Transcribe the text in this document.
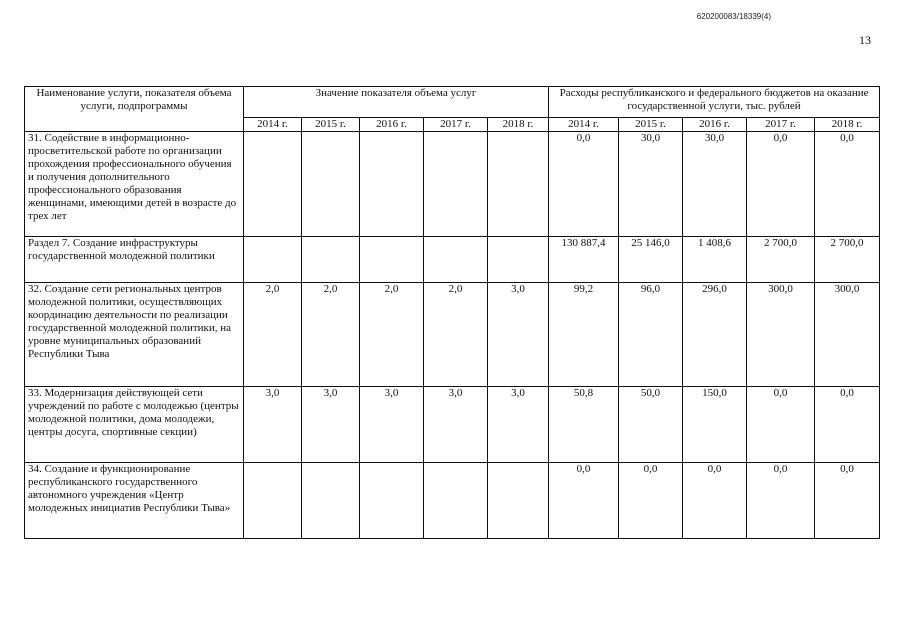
620200083/18339(4)
13
Наименование услуги, показателя объема услуги, подпрограммы	Значение показателя объема услуг					Расходы республиканского и федерального бюджетов на оказание государственной услуги, тыс. рублей				
	2014 г.	2015 г.	2016 г.	2017 г.	2018 г.	2014 г.	2015 г.	2016 г.	2017 г.	2018 г.
31. Содействие в информационно-просветительской работе по организации прохождения профессионального обучения и получения дополнительного профессионального образования женщинами, имеющими детей в возрасте до трех лет						0,0	30,0	30,0	0,0	0,0
Раздел 7. Создание инфраструктуры государственной молодежной политики						130 887,4	25 146,0	1 408,6	2 700,0	2 700,0
32. Создание сети региональных центров молодежной политики, осуществляющих координацию деятельности по реализации государственной молодежной политики, на уровне муниципальных образований Республики Тыва	2,0	2,0	2,0	2,0	3,0	99,2	96,0	296,0	300,0	300,0
33. Модернизация действующей сети учреждений по работе с молодежью (центры молодежной политики, дома молодежи, центры досуга, спортивные секции)	3,0	3,0	3,0	3,0	3,0	50,8	50,0	150,0	0,0	0,0
34. Создание и функционирование республиканского государственного автономного учреждения «Центр молодежных инициатив Республики Тыва»						0,0	0,0	0,0	0,0	0,0
